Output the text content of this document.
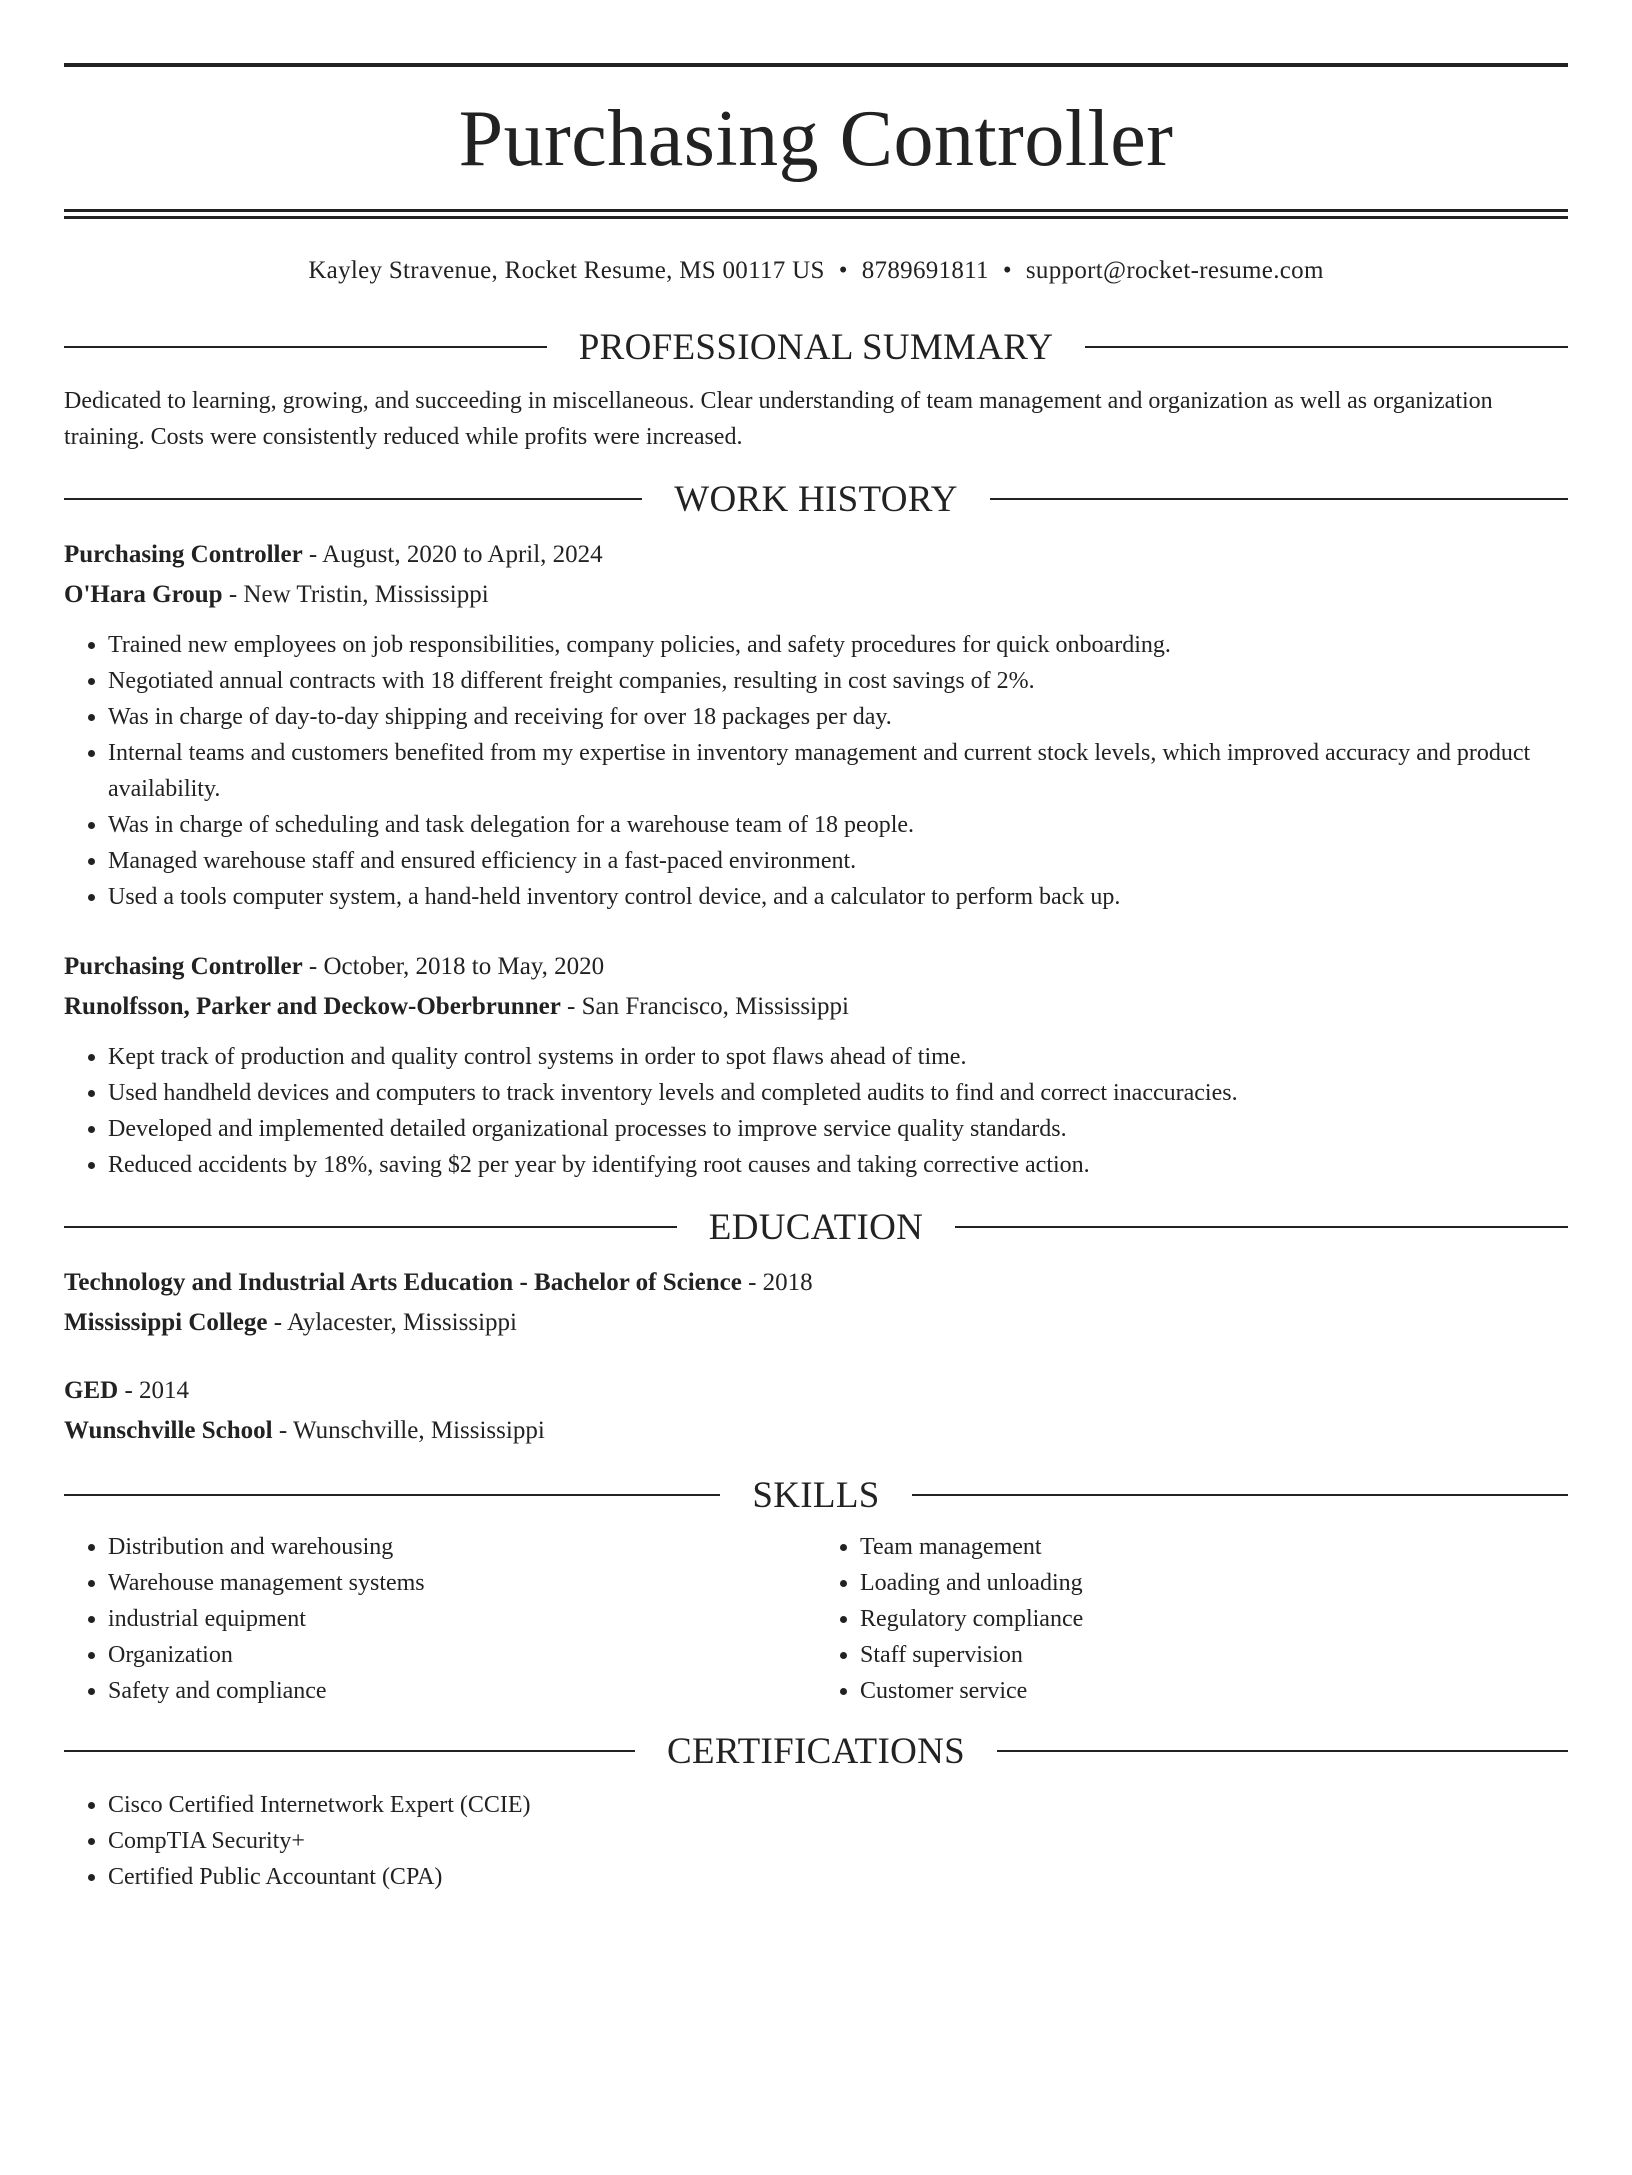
Purchasing Controller
Kayley Stravenue, Rocket Resume, MS 00117 US • 8789691811 • support@rocket-resume.com
PROFESSIONAL SUMMARY

Dedicated to learning, growing, and succeeding in miscellaneous. Clear understanding of team management and organization as well as organization training. Costs were consistently reduced while profits were increased.

WORK HISTORY

Purchasing Controller - August, 2020 to April, 2024

O'Hara Group - New Tristin, Mississippi

• Trained new employees on job responsibilities, company policies, and safety procedures for quick onboarding.
• Negotiated annual contracts with 18 different freight companies, resulting in cost savings of 2%.
• Was in charge of day-to-day shipping and receiving for over 18 packages per day.
• Internal teams and customers benefited from my expertise in inventory management and current stock levels, which improved accuracy and product availability.
• Was in charge of scheduling and task delegation for a warehouse team of 18 people.
• Managed warehouse staff and ensured efficiency in a fast-paced environment.
• Used a tools computer system, a hand-held inventory control device, and a calculator to perform back up.

Purchasing Controller - October, 2018 to May, 2020

Runolfsson, Parker and Deckow-Oberbrunner - San Francisco, Mississippi

• Kept track of production and quality control systems in order to spot flaws ahead of time.
• Used handheld devices and computers to track inventory levels and completed audits to find and correct inaccuracies.
• Developed and implemented detailed organizational processes to improve service quality standards.
• Reduced accidents by 18%, saving $2 per year by identifying root causes and taking corrective action.
EDUCATION

Technology and Industrial Arts Education - Bachelor of Science - 2018

Mississippi College - Aylacester, Mississippi

GED - 2014

Wunschville School - Wunschville, Mississippi

SKILLS
• Distribution and warehousing
• Warehouse management systems
• industrial equipment
• Organization
• Safety and compliance
• Team management
• Loading and unloading
• Regulatory compliance
• Staff supervision
• Customer service
CERTIFICATIONS
• Cisco Certified Internetwork Expert (CCIE)
• CompTIA Security+
• Certified Public Accountant (CPA)
